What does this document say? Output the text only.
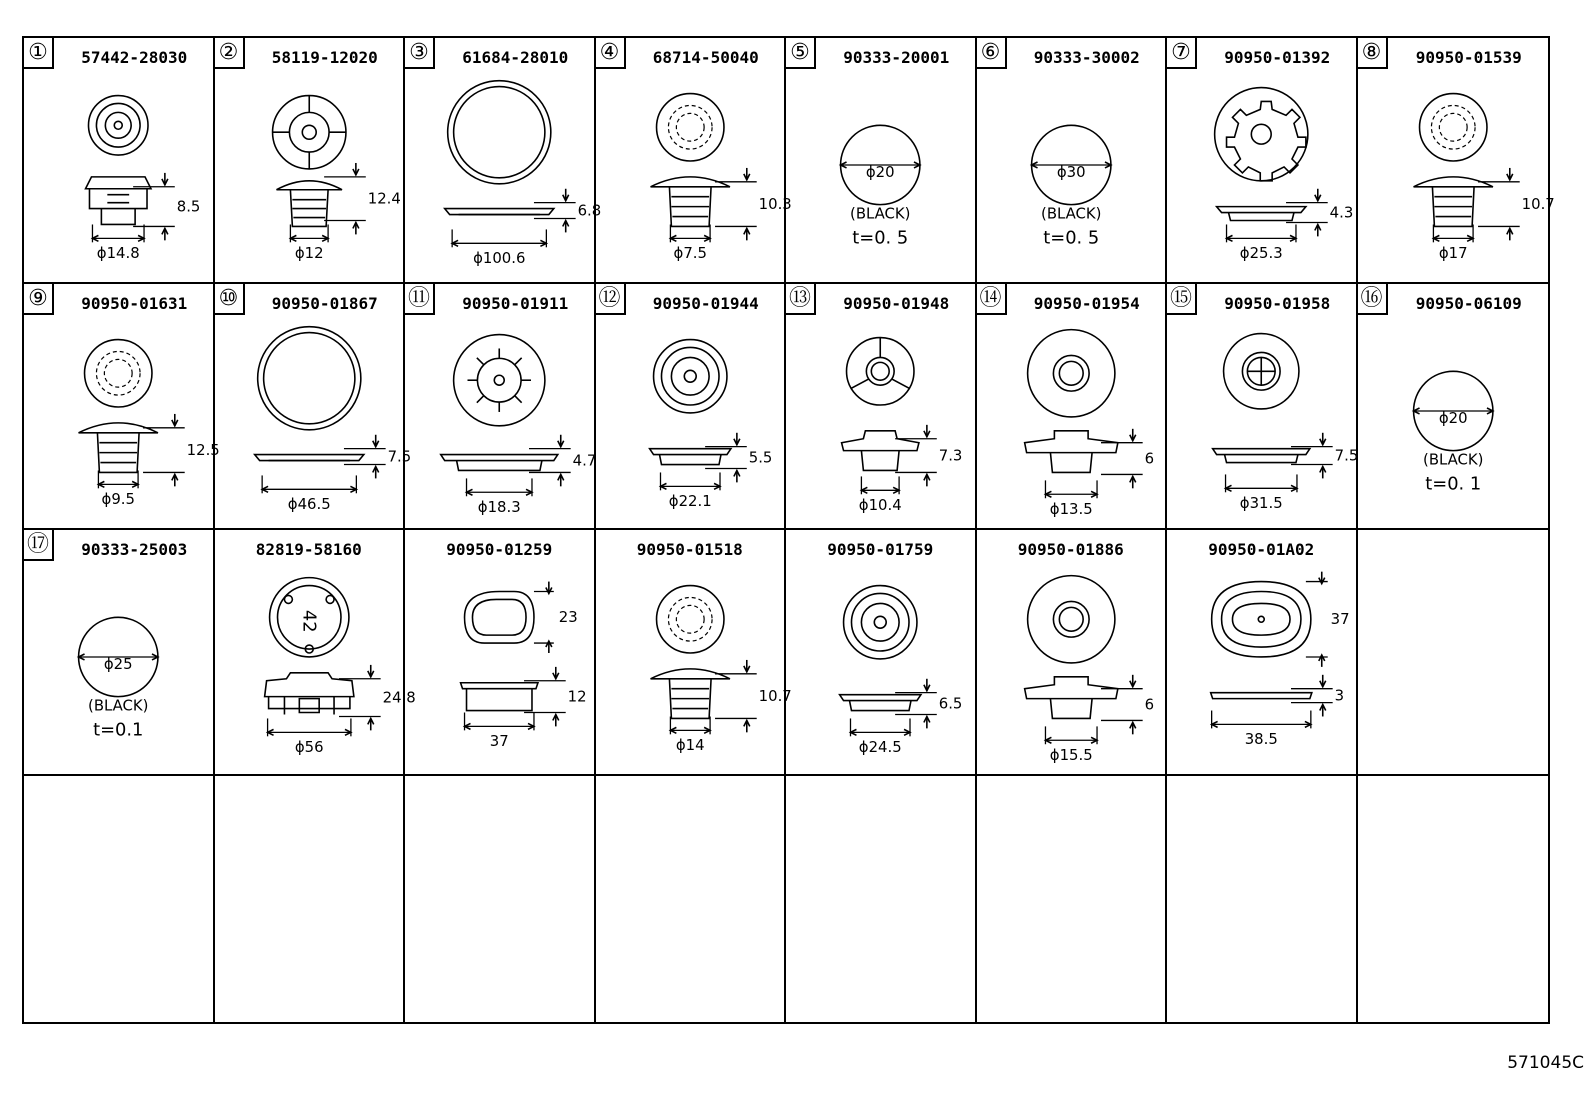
①	57442-28030
8.5
ϕ14.8
②	58119-12020
12.4
ϕ12
③	61684-28010
6.8
ϕ100.6
④	68714-50040
10.3
ϕ7.5
⑤	90333-20001
ϕ20
(BLACK)
t=0. 5
⑥	90333-30002
ϕ30
(BLACK)
t=0. 5
⑦	90950-01392
4.3
ϕ25.3
⑧	90950-01539
10.7
ϕ17
⑨	90950-01631
12.5
ϕ9.5
⑩	90950-01867
7.5
ϕ46.5
⑪	90950-01911
4.7
ϕ18.3
⑫	90950-01944
5.5
ϕ22.1
⑬	90950-01948
7.3
ϕ10.4
⑭	90950-01954
6
ϕ13.5
⑮	90950-01958
7.5
ϕ31.5
⑯	90950-06109
ϕ20
(BLACK)
t=0. 1
⑰	90333-25003
ϕ25
(BLACK)
t=0.1
82819-58160
42
24.8
ϕ56
90950-01259
23
12
37
90950-01518
10.7
ϕ14
90950-01759
6.5
ϕ24.5
90950-01886
6
ϕ15.5
90950-01A02
37
3
38.5
571045C
